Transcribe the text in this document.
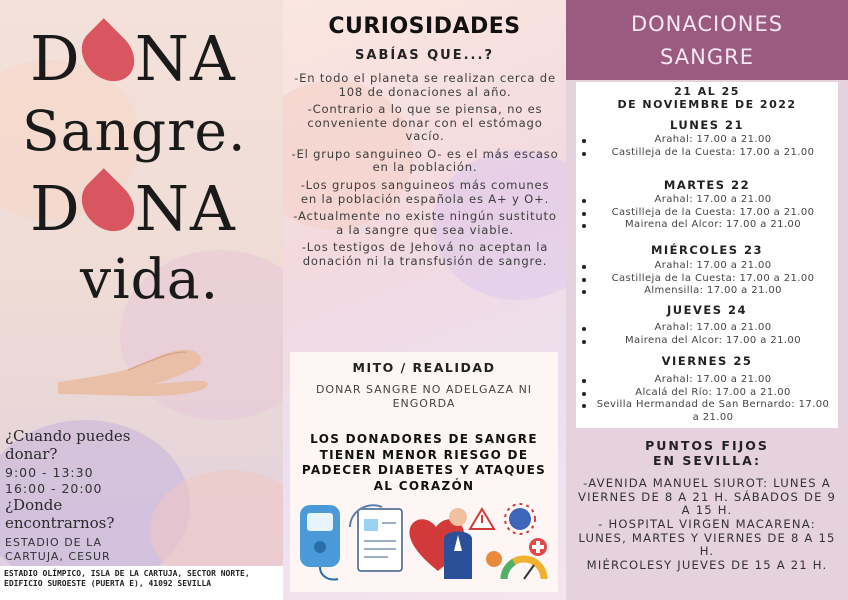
D NA
Sangre.
D NA
vida.
¿Cuando puedes donar?
9:00 - 13:30
16:00 - 20:00
¿Donde encontrarnos?
ESTADIO DE LA CARTUJA, CESUR
ESTADIO OLÍMPICO, ISLA DE LA CARTUJA, SECTOR NORTE, EDIFICIO SUROESTE (PUERTA E), 41092 SEVILLA
CURIOSIDADES
SABÍAS QUE...?

-En todo el planeta se realizan cerca de 108 de donaciones al año.

-Contrario a lo que se piensa, no es conveniente donar con el estómago vacío.

-El grupo sanguineo O- es el más escaso en la población.

-Los grupos sanguineos más comunes en la población española es A+ y O+.

-Actualmente no existe ningún sustituto a la sangre que sea viable.

-Los testigos de Jehová no aceptan la donación ni la transfusión de sangre.

MITO / REALIDAD
DONAR SANGRE NO ADELGAZA NI ENGORDA
LOS DONADORES DE SANGRE TIENEN MENOR RIESGO DE PADECER DIABETES Y ATAQUES AL CORAZÓN
DONACIONES
SANGRE
21 AL 25
DE NOVIEMBRE DE 2022
LUNES 21
Arahal: 17.00 a 21.00
Castilleja de la Cuesta: 17.00 a 21.00
MARTES 22
Arahal: 17.00 a 21.00
Castilleja de la Cuesta: 17.00 a 21.00
Mairena del Alcor: 17.00 a 21.00
MIÉRCOLES 23
Arahal: 17.00 a 21.00
Castilleja de la Cuesta: 17.00 a 21.00
Almensilla: 17.00 a 21.00
JUEVES 24
Arahal: 17.00 a 21.00
Mairena del Alcor: 17.00 a 21.00
VIERNES 25
Arahal: 17.00 a 21.00
Alcalá del Río: 17.00 a 21.00
Sevilla Hermandad de San Bernardo: 17.00 a 21.00
PUNTOS FIJOS
EN SEVILLA:
-AVENIDA MANUEL SIUROT: LUNES A VIERNES DE 8 A 21 H. SÁBADOS DE 9 A 15 H.
- HOSPITAL VIRGEN MACARENA: LUNES, MARTES Y VIERNES DE 8 A 15 H.
MIÉRCOLESY JUEVES DE 15 A 21 H.
